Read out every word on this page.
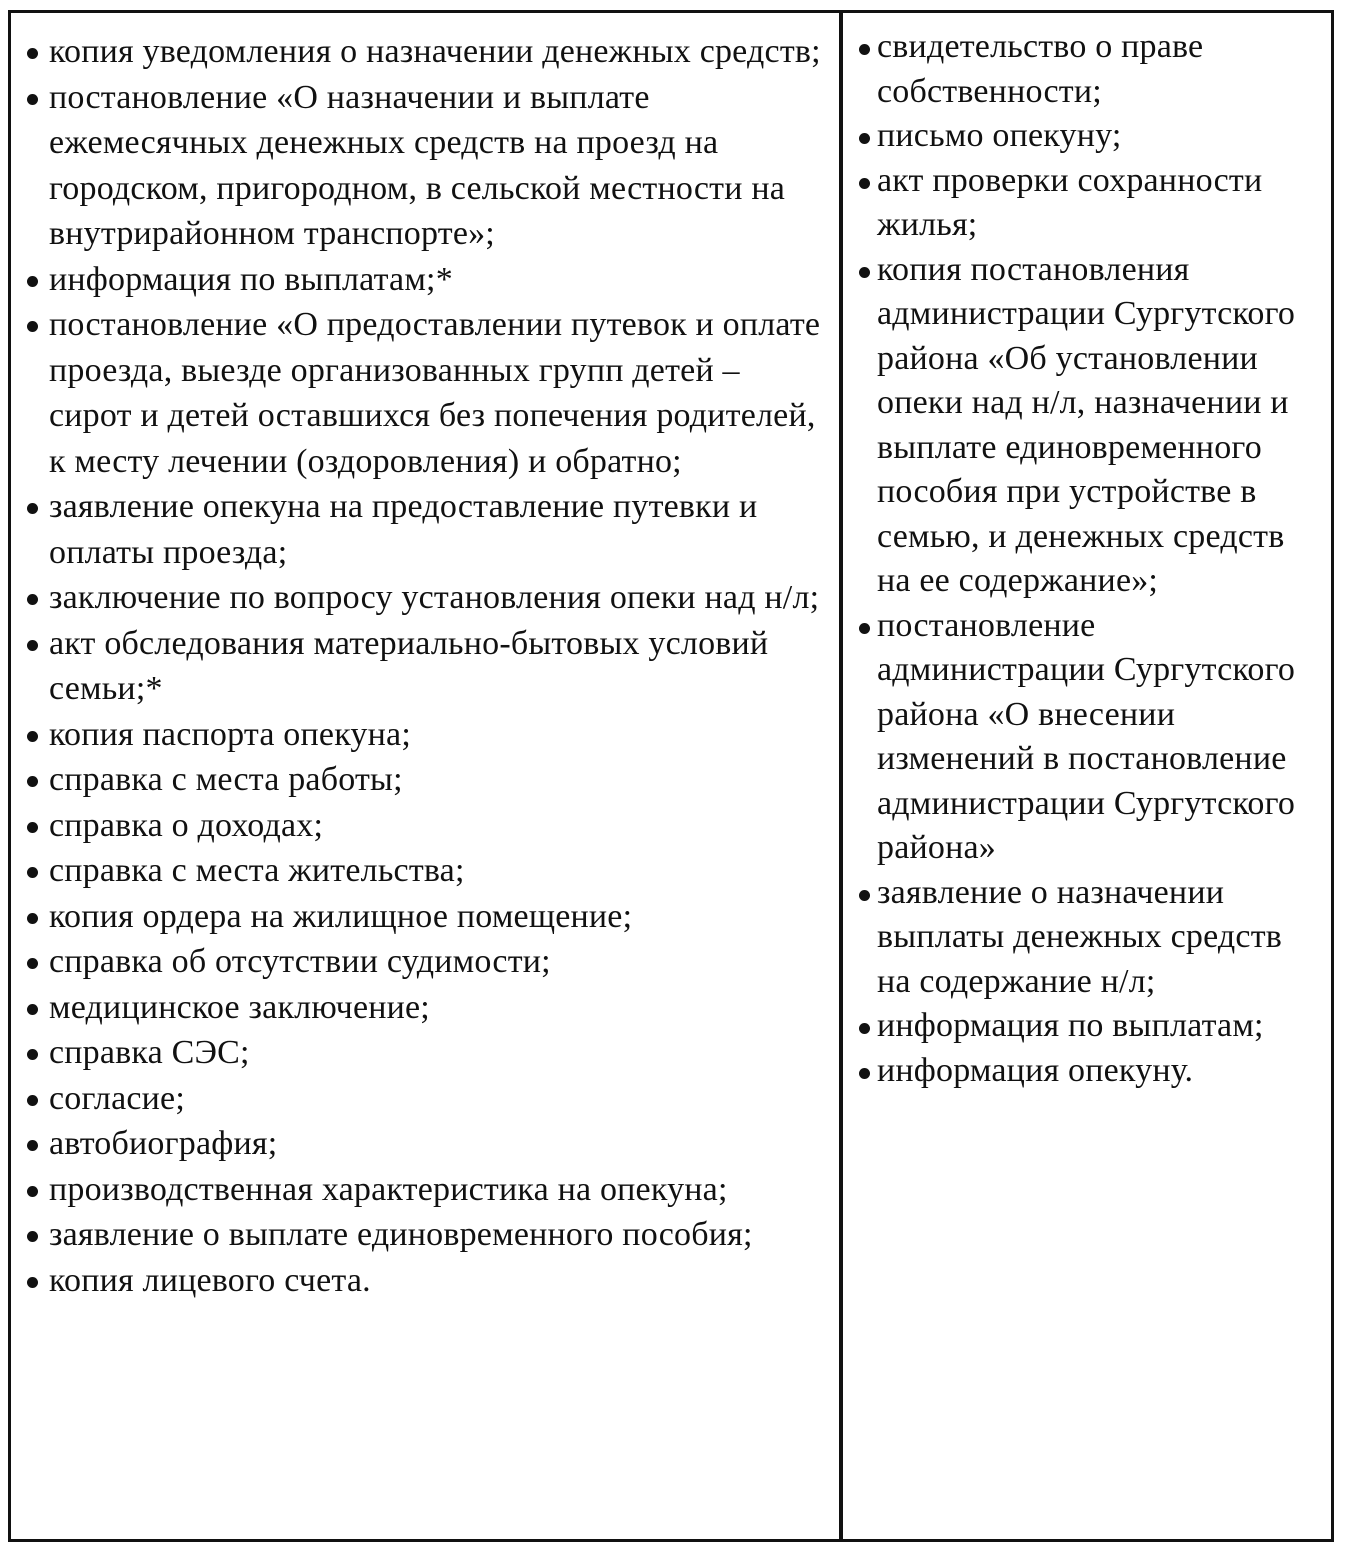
копия уведомления о назначении денежных средств;
постановление «О назначении и выплате ежемесячных денежных средств на проезд на городском, пригородном, в сельской местности на внутрирайонном транспорте»;
информация по выплатам;*
постановление «О предоставлении путевок и оплате проезда, выезде организованных групп детей – сирот и детей оставшихся без попечения родителей, к месту лечении (оздоровления) и обратно;
заявление опекуна на предоставление путевки и оплаты проезда;
заключение по вопросу установления опеки над н/л;
акт обследования материально-бытовых условий семьи;*
копия паспорта опекуна;
справка с места работы;
справка о доходах;
справка с места жительства;
копия ордера на жилищное помещение;
справка об отсутствии судимости;
медицинское заключение;
справка СЭС;
согласие;
автобиография;
производственная характеристика на опекуна;
заявление о выплате единовременного пособия;
копия лицевого счета.
свидетельство о праве собственности;
письмо опекуну;
акт проверки сохранности жилья;
копия постановления администрации Сургутского района «Об установлении опеки над н/л, назначении и выплате единовременного пособия при устройстве в семью, и денежных средств на ее содержание»;
постановление администрации Сургутского района «О внесении изменений в постановление администрации Сургутского района»
заявление о назначении выплаты денежных средств на содержание н/л;
информация по выплатам;
информация опекуну.
